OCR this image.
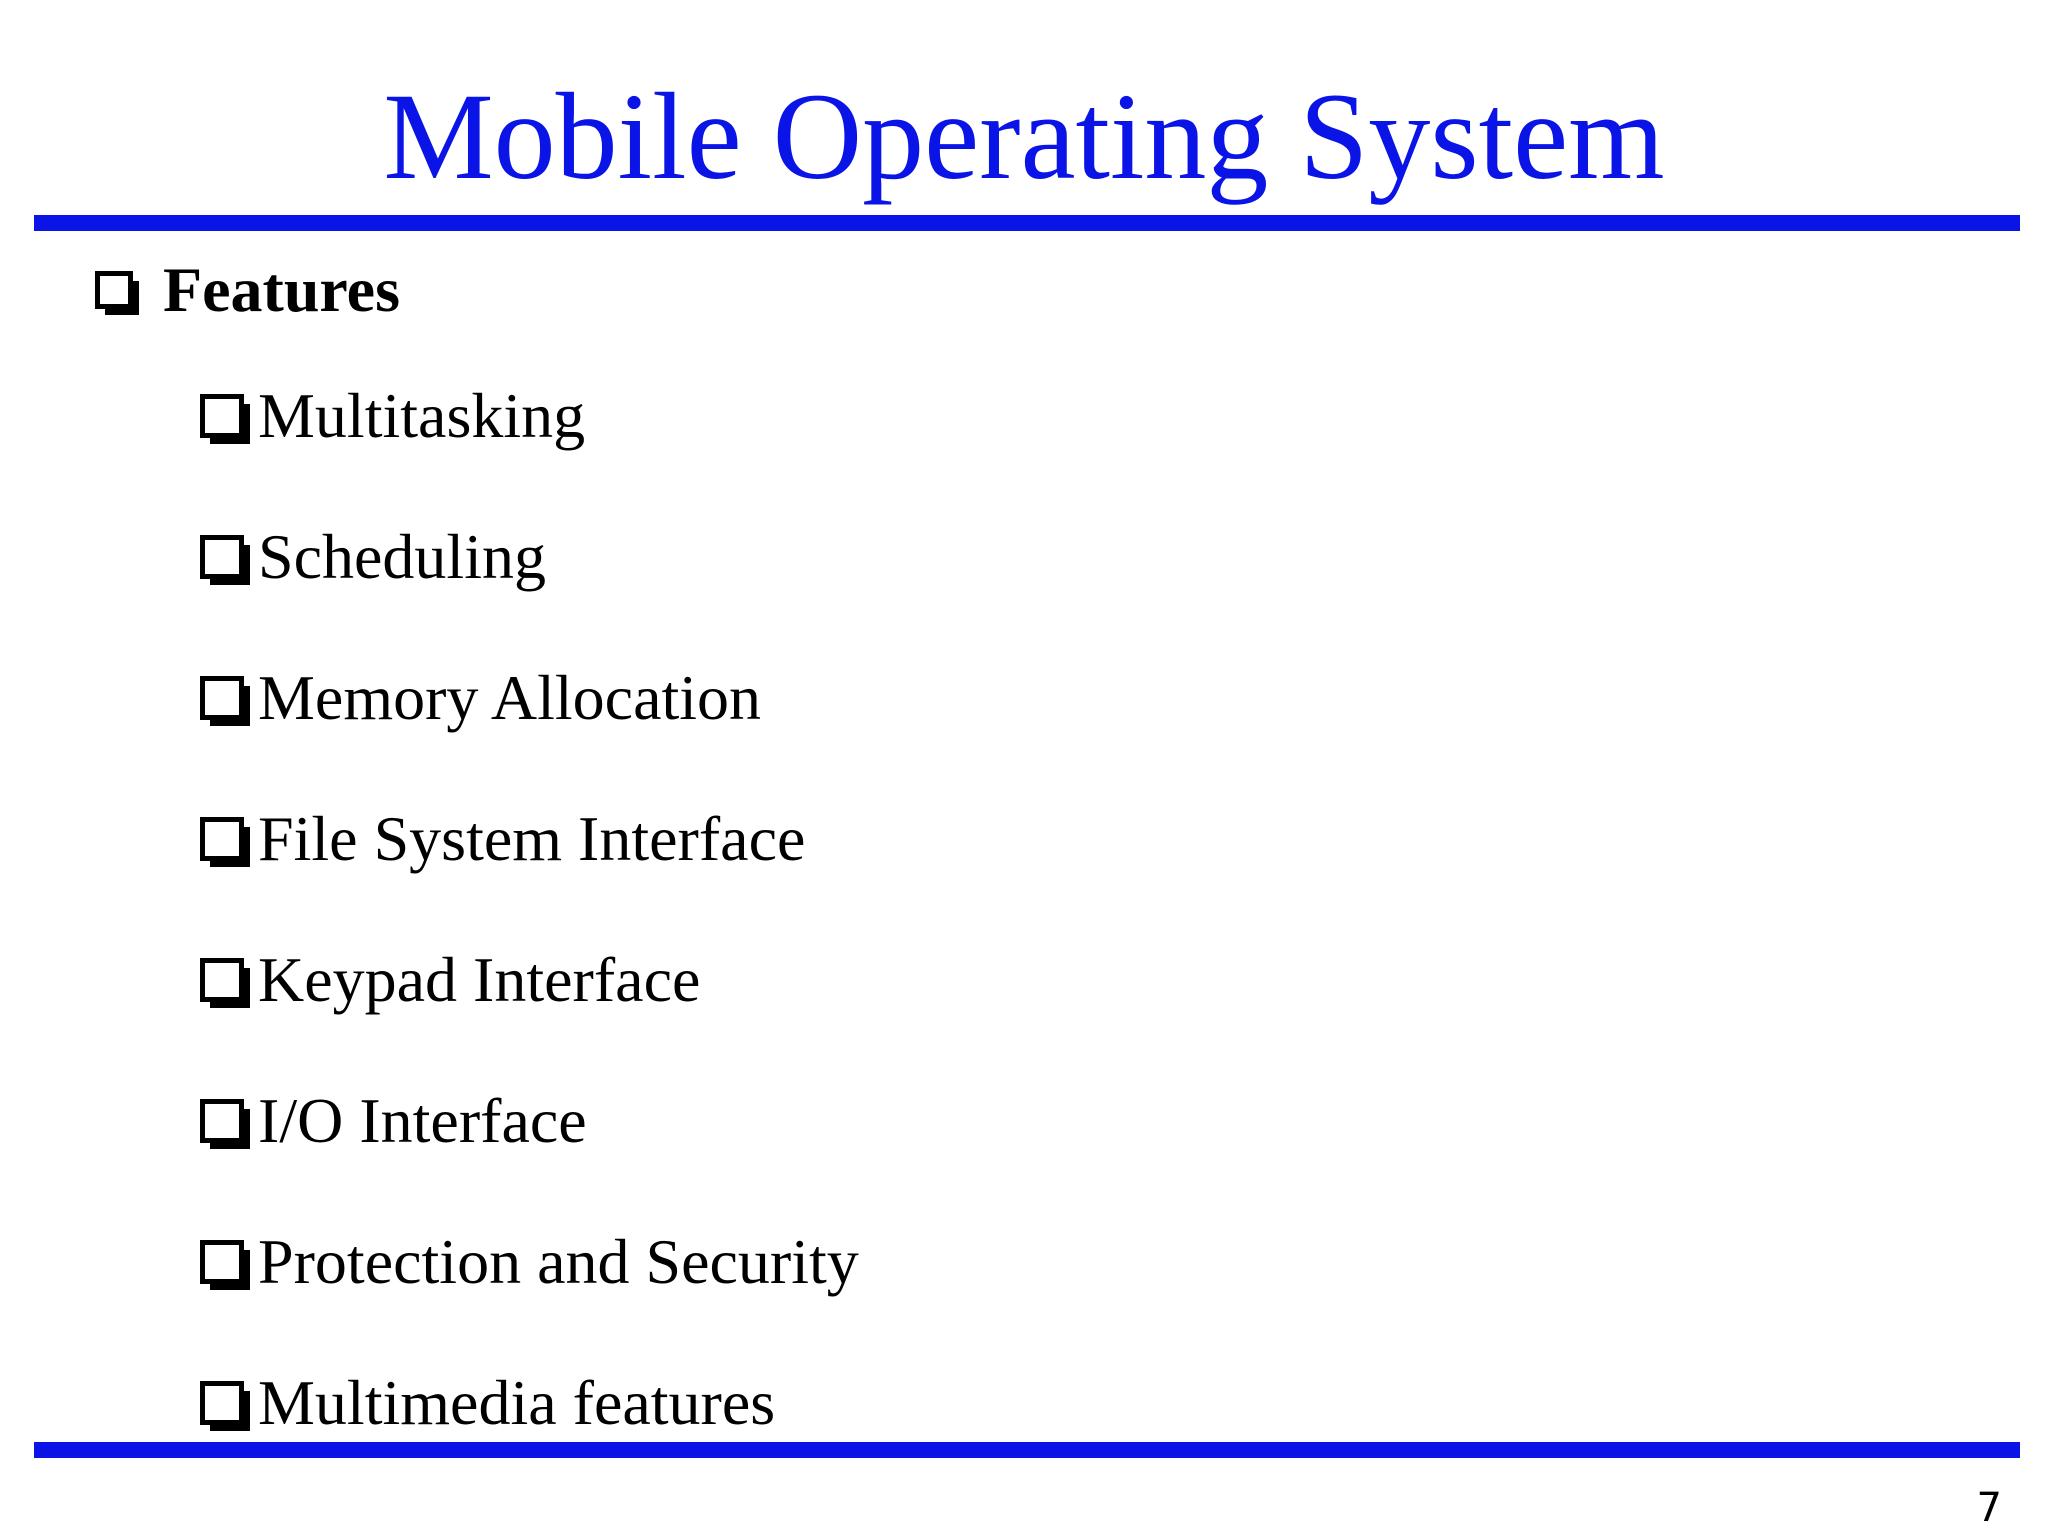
Mobile Operating System
Features
Multitasking
Scheduling
Memory Allocation
File System Interface
Keypad Interface
I/O Interface
Protection and Security
Multimedia features
7
